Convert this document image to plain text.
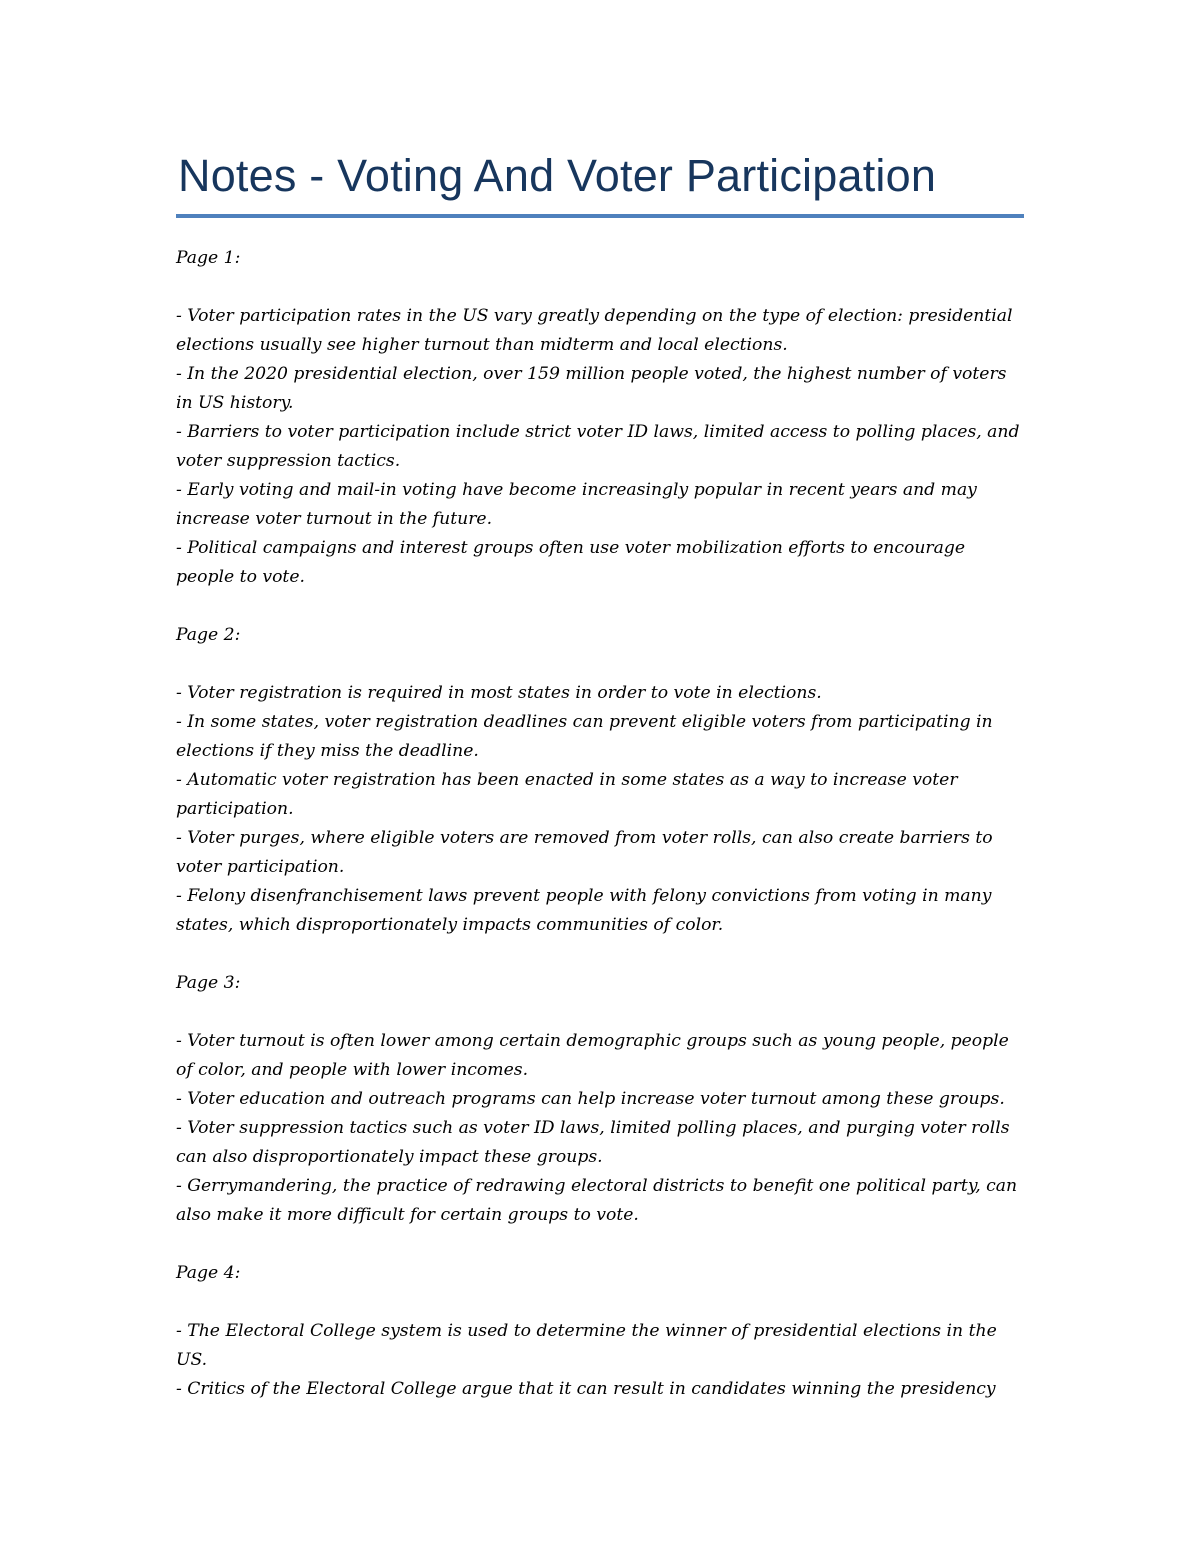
Notes - Voting And Voter Participation

Page 1:

- Voter participation rates in the US vary greatly depending on the type of election: presidential elections usually see higher turnout than midterm and local elections.

- In the 2020 presidential election, over 159 million people voted, the highest number of voters in US history.

- Barriers to voter participation include strict voter ID laws, limited access to polling places, and voter suppression tactics.

- Early voting and mail-in voting have become increasingly popular in recent years and may increase voter turnout in the future.

- Political campaigns and interest groups often use voter mobilization efforts to encourage people to vote.

Page 2:

- Voter registration is required in most states in order to vote in elections.

- In some states, voter registration deadlines can prevent eligible voters from participating in elections if they miss the deadline.

- Automatic voter registration has been enacted in some states as a way to increase voter participation.

- Voter purges, where eligible voters are removed from voter rolls, can also create barriers to voter participation.

- Felony disenfranchisement laws prevent people with felony convictions from voting in many states, which disproportionately impacts communities of color.

Page 3:

- Voter turnout is often lower among certain demographic groups such as young people, people of color, and people with lower incomes.

- Voter education and outreach programs can help increase voter turnout among these groups.

- Voter suppression tactics such as voter ID laws, limited polling places, and purging voter rolls can also disproportionately impact these groups.

- Gerrymandering, the practice of redrawing electoral districts to benefit one political party, can also make it more difficult for certain groups to vote.

Page 4:

- The Electoral College system is used to determine the winner of presidential elections in the US.

- Critics of the Electoral College argue that it can result in candidates winning the presidency
